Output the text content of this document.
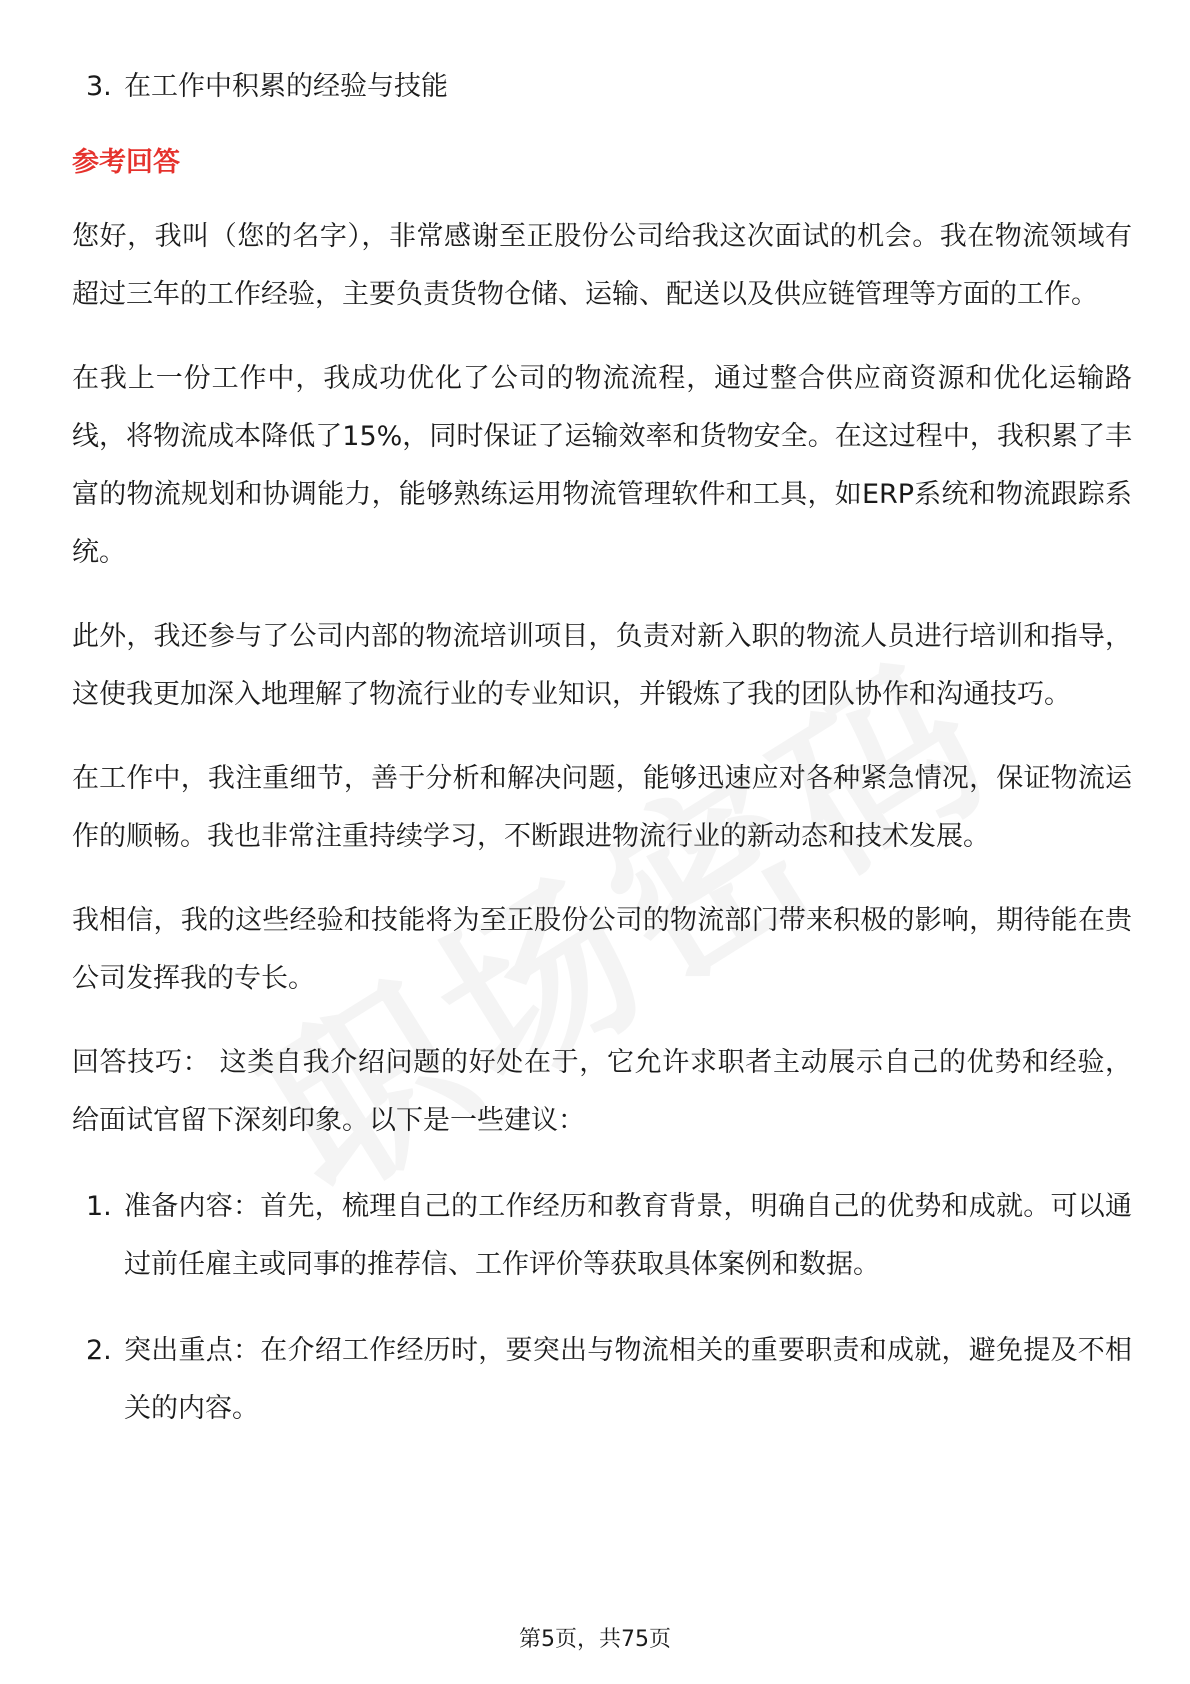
3. 在工作中积累的经验与技能
参考回答

您好，我叫（您的名字），非常感谢至正股份公司给我这次面试的机会。我在物流领域有超过三年的工作经验，主要负责货物仓储、运输、配送以及供应链管理等方面的工作。

在我上一份工作中，我成功优化了公司的物流流程，通过整合供应商资源和优化运输路线，将物流成本降低了15%，同时保证了运输效率和货物安全。在这过程中，我积累了丰富的物流规划和协调能力，能够熟练运用物流管理软件和工具，如ERP系统和物流跟踪系统。

此外，我还参与了公司内部的物流培训项目，负责对新入职的物流人员进行培训和指导，这使我更加深入地理解了物流行业的专业知识，并锻炼了我的团队协作和沟通技巧。

在工作中，我注重细节，善于分析和解决问题，能够迅速应对各种紧急情况，保证物流运作的顺畅。我也非常注重持续学习，不断跟进物流行业的新动态和技术发展。

我相信，我的这些经验和技能将为至正股份公司的物流部门带来积极的影响，期待能在贵公司发挥我的专长。

回答技巧： 这类自我介绍问题的好处在于，它允许求职者主动展示自己的优势和经验，给面试官留下深刻印象。以下是一些建议：

1. 准备内容：首先，梳理自己的工作经历和教育背景，明确自己的优势和成就。可以通过前任雇主或同事的推荐信、工作评价等获取具体案例和数据。
2. 突出重点：在介绍工作经历时，要突出与物流相关的重要职责和成就，避免提及不相关的内容。
第5页，共75页
